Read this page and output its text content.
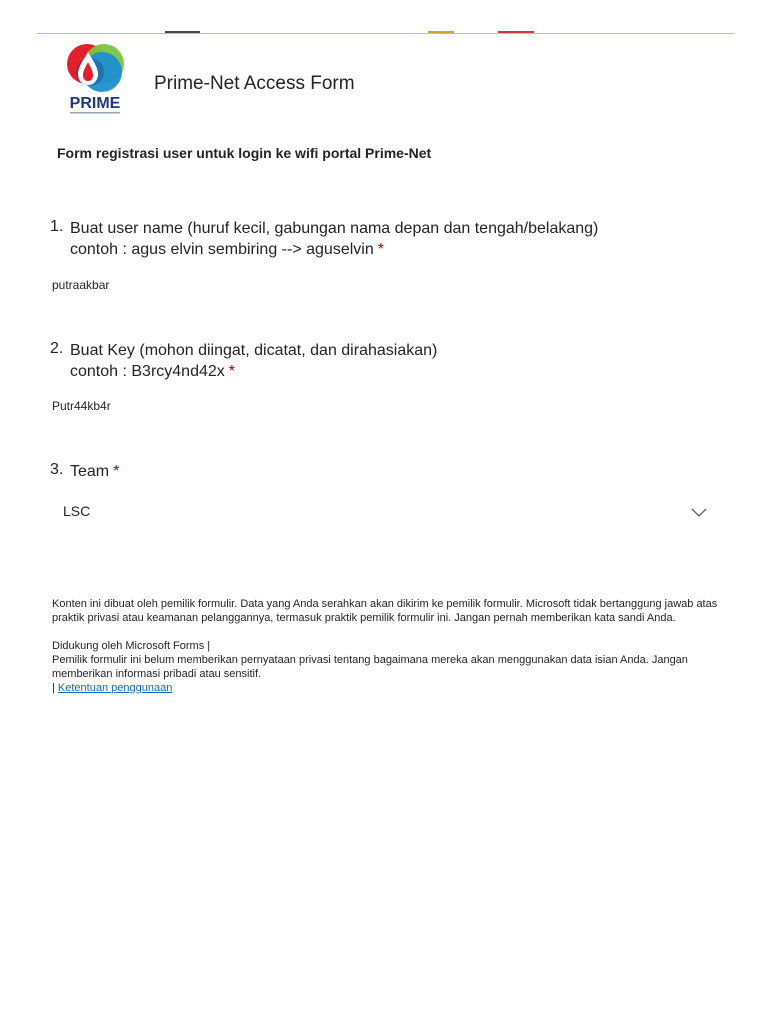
PRIME
Prime-Net Access Form
Form registrasi user untuk login ke wifi portal Prime-Net
1. Buat user name (huruf kecil, gabungan nama depan dan tengah/belakang)
contoh : agus elvin sembiring --> aguselvin *
putraakbar
2. Buat Key (mohon diingat, dicatat, dan dirahasiakan)
contoh : B3rcy4nd42x *
Putr44kb4r
3. Team *
LSC

Konten ini dibuat oleh pemilik formulir. Data yang Anda serahkan akan dikirim ke pemilik formulir. Microsoft tidak bertanggung jawab atas praktik privasi atau keamanan pelanggannya, termasuk praktik pemilik formulir ini. Jangan pernah memberikan kata sandi Anda.

Didukung oleh Microsoft Forms |

Pemilik formulir ini belum memberikan pernyataan privasi tentang bagaimana mereka akan menggunakan data isian Anda. Jangan memberikan informasi pribadi atau sensitif.

| Ketentuan penggunaan
